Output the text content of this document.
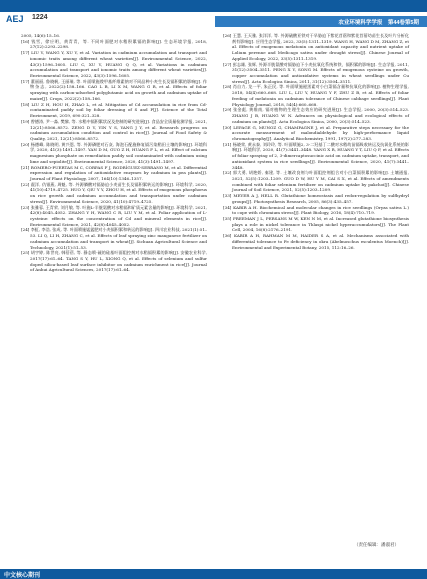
AEJ 1224
农业环境科学学报　第44卷第5期

2005, 14(6):15–16.

[16] 钱雪，徐应明，黄青青，等. 不同叶面肥对水稻积累镉的影响[J]. 生态环境学报, 2018, 27(12):2293–2298.

[17] LIU Y, WANG Y, XU Y, et al. Variation in cadmium accumulation and transport and ionomic traits among different wheat varieties[J]. Environmental Science, 2022, 43(3):1596–1605. LIU C, XU Y, HUANG Q Q, et al. Variations in cadmium accumulation and transport and ionomic traits among different wheat varieties[J]. Environmental Science, 2022, 43(3):1596–1605.

[17] 董丽丽, 鲁晓帆, 王丽瑞, 等. 叶面喷施羧甲基纤维素钠对不同品种小麦生长及镉积累的影响[J]. 作物杂志, 2022(2):158–166. CAO L B, LI X M, WANG G R, et al. Effects of foliar spraying with carbon-adsorbed polyglutamic acid on growth and cadmium uptake of maize[J]. Crops, 2022(2):158–166.

[18] LIU Z H, HOU H, ZHAO L, et al. Mitigation of Cd accumulation in rice from Cd-contaminated paddy soil by foliar dressing of S and P[J]. Science of the Total Environment, 2019, 690:321–328.

[19] 曾德涛, 尹一淼, 樊黎, 等. 水稻中镉积累状况及控制的研究进展[J]. 食品安全质量检测学报, 2021, 12(21):8566–8572. ZENG D Y, YIN Y S, YANG J Y, et al. Research progress on cadmium accumulation condition and control in rice[J]. Journal of Food Safety & Quality, 2021, 12(21):8566–8572.

[20] 杨德峰, 陈晓明, 黄兴恩, 等. 外源磷肥对石灰, 海泡石配施修复镉污染稻田土壤的影响[J]. 环境科学, 2020, 41(3):1491–1497. YAN D M, GUO Z H, HUANG F L, et al. Effect of calcium magnesium phosphate on remediation paddy soil contaminated with cadmium using lime and sepiolite[J]. Environmental Science, 2020, 41(3):1491–1497.

[21] ROMERO-PUERTAS M C, CORPAS F J, RODRÍGUEZ-SERRANO M, et al. Differential expression and regulation of antioxidative enzymes by cadmium in pea plants[J]. Journal of Plant Physiology, 2007, 164(10):1346–1357.

[22] 霍洋, 仇银燕, 周魁, 等. 外源膦酸对镉胁迫小麦苗生长及镉积累转运的影响[J]. 环境科学, 2020, 41(10):4719–4725. HUO Y, QIU Y Y, ZHOU H, et al. Effects of exogenous phosphorus on rice growth and cadmium accumulation and transportation under cadmium stress[J]. Environmental Science, 2020, 41(10):4719–4725.

[23] 张雅蓉, 王青荣, 刘月敏, 等. 叶施L-半胱氨酸对水稻镉和矿质元素含量的影响[J]. 环境科学, 2021, 42(8):4045–4052. ZHANG Y H, WANG C R, LIU Y M, et al. Foliar application of L-cysteine: effects on the concentration of Cd and mineral elements in rice[J]. Environmental Science, 2021, 42(8):4045–4052.

[24] 李虹, 李浩, 张成, 等. 叶面喷施锰猛肥对小麦镉积累和转运的影响[J]. 四川农业科技, 2021(1):51–53. LI Q, LI H, ZHANG C, et al. Effects of leaf spraying zinc manganese fertilizer on cadmium accumulation and transport in wheat[J]. Sichuan Agricultural Science and Technology, 2021(1):51–53.

[25] 胡宇婷, 陈世亮, 韩蓓蓓, 等. 静态喷-硫的硅基叶面阻控剂对水稻镉积累的影响[J]. 安徽农业科学, 2017(17):61–64. TANG S Y, HU L, XIONG Q, et al. Effects of selenium and sulfur doped silica-based leaf surface inhibitor on cadmium enrichment in rice[J]. Journal of Anhui Agricultural Sciences, 2017(17):61–64.

[26] 王慧, 王天雅, 张洋洋, 等. 外源硫酸亚铁对干旱胁迫下紫花苜蓿和紫花苜蓿幼苗生长及叶片分析化剂有影响[J]. 应用生态学报, 2022, 33(5):1311–1319. WANG H, WANG D M, ZHANG Z, et al. Effects of exogenous melatonin on antioxidant capacity and nutrient uptake of Lolium perenne and Medicago sativa under drought stress[J]. Chinese Journal of Applied Ecology, 2022, 33(5):1311–1319.

[27] 彭志雄, 张辉, 外源半胱氨酸对镉胁迫下小麦抗氧化系统和铁、镉积累的影响[J]. 生态学报, 2011, 31(12):3504–3511. PENG X Y, SONG M. Effects of exogenous cysteine on growth, copper accumulation and antioxidative systems in wheat seedlings under Cu stress[J]. Acta Ecologica Sinica, 2011, 31(12):3504–3511.

[28] 肖自力, 龙一平, 朱正民, 等. 叶面喷施褪黑素对小白菜镉含量和抗氧化的影响[J]. 植物生理学报, 2018, 54(4):660–668. LIU L, LIU Y, HUANG Y F, ZHU Z B, et al. Effects of foliar feeding of melatonin on cadmium tolerance of Chinese cabbage seedlings[J]. Plant Physiology Journal, 2018, 54(4):660–668.

[29] 张金彪, 黄维南, 镉对植物的生理生态效应的研究进展[J]. 生态学报, 2000, 20(3):514–523. ZHANG J B, HUANG W N. Advances on physiological and ecological effects of cadmium on plants[J]. Acta Ecologica Sinica, 2000, 20(3):514–523.

[30] LEPAGE G, MUNOZ G, CHAMPAGNE J, et al. Preparative steps necessary for the accurate measurement of malondialdehyde by high-performance liquid chromatography[J]. Analytical Biochemistry, 1991, 197(2):277–283.

[31] 杨晓荣, 黄永泰, 刘玲玲, 等. 叶面喷施2, 3-二羟基丁二酸对水稻幼苗镉吸收转运及抗氧化系统的影响[J]. 环境科学, 2020, 41(7):3441–3448. YANG X R, HUANG Y T, LIU Q F, et al. Effects of foliar spraying of 2, 3-dimercaptosuccinic acid on cadmium uptake, transport, and antioxidant system in rice seedlings[J]. Environmental Science, 2020, 41(7):3441–3448.

[32] 郭大勇, 胡艳娇, 秦建, 等. 土壤改良剂与叶面阻控剂组合对小白菜镉积累的影响[J]. 土壤通报, 2021, 52(5):1203–1209. GUO D W, HU Y M, CAI S X, et al. Effects of amendments combined with foliar selenium fertilizer on cadmium uptake by pakchoi[J]. Chinese Journal of Soil Science, 2021, 52(5):1203–1209.

[33] MEYER A J, HELL R. Glutathione homeostasis and redox-regulation by sulfhydryl groups[J]. Photosynthesis Research, 2005, 86(3):435–457.

[34] KABIR A H. Biochemical and molecular changes in rice seedlings (Oryza sativa L.) to cope with chromium stress[J]. Plant Biology, 2016, 18(4):710–719.

[35] FREEMAN J L, PERSANS M W, KEN N M, et al. Increased glutathione biosynthesis plays a role in nickel tolerance in Thlaspi nickel hyperaccumulators[J]. The Plant Cell, 2004, 16(8):2176–2191.

[36] KABIR A H, RAHMAN M M, HAIDER S A, et al. Mechanisms associated with differential tolerance to Fe deficiency in okra (Abelmoschus esculentus Moench)[J]. Environmental and Experimental Botany, 2015, 112:16–26.

（责任编辑：潘淑君）
中文核心期刊
